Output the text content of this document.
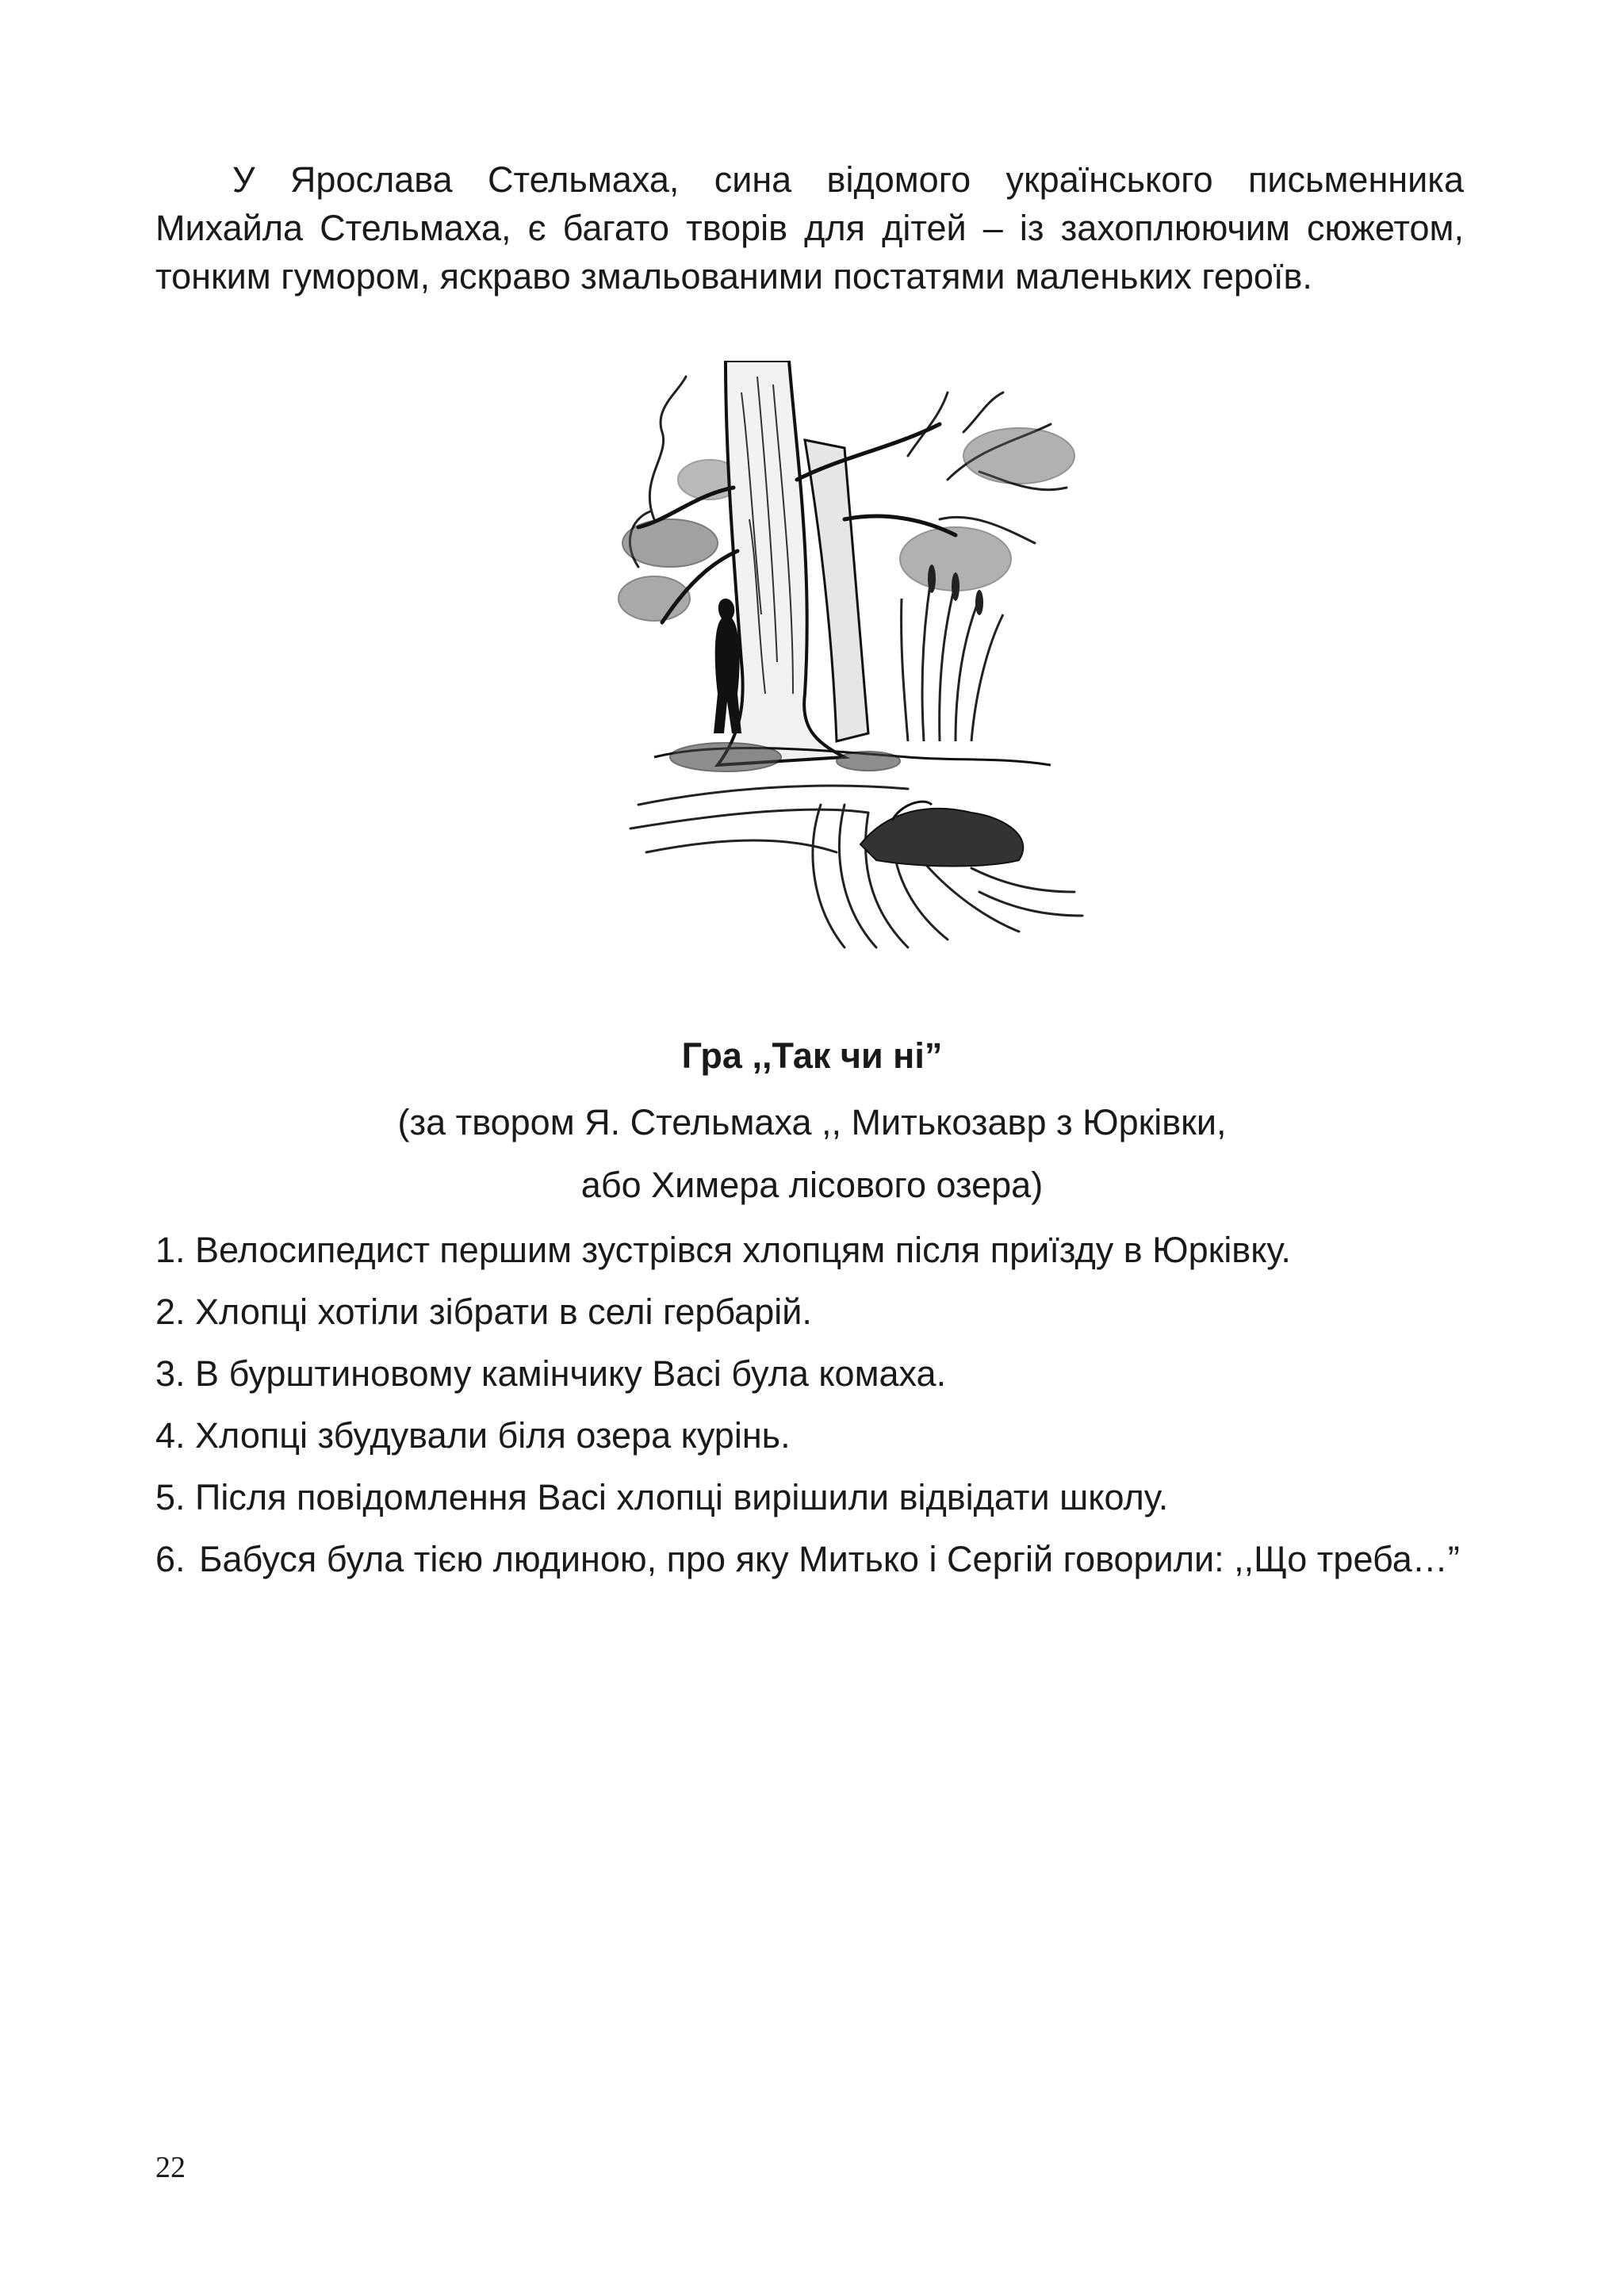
У Ярослава Стельмаха, сина відомого українського письменника
Михайла Стельмаха, є багато творів для дітей – із захоплюючим сюжетом,
тонким гумором, яскраво змальованими постатями маленьких героїв.

Гра ,,Так чи ні”

(за твором Я. Стельмаха ,, Митькозавр з Юрківки,

або Химера лісового озера)

1. Велосипедист першим зустрівся хлопцям після приїзду в Юрківку.
2. Хлопці хотіли зібрати в селі гербарій.
3. В бурштиновому камінчику Васі була комаха.
4. Хлопці збудували біля озера курінь.
5. Після повідомлення Васі хлопці вирішили відвідати школу.
6. Бабуся була тією людиною, про яку Митько і Сергій говорили: ,,Що треба…”
22
